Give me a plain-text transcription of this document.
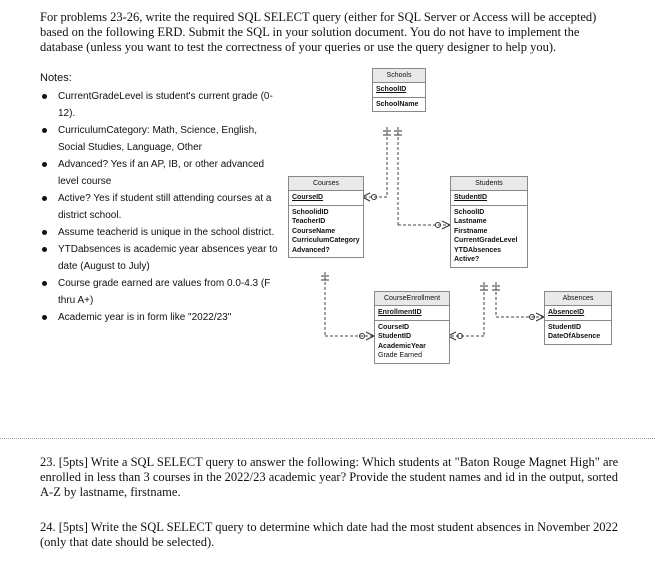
For problems 23-26, write the required SQL SELECT query (either for SQL Server or Access will be accepted) based on the following ERD. Submit the SQL in your solution document. You do not have to implement the database (unless you want to test the correctness of your queries or use the query designer to help you).
Notes:
CurrentGradeLevel is student's current grade (0-12).
CurriculumCategory: Math, Science, English, Social Studies, Language, Other
Advanced? Yes if an AP, IB, or other advanced level course
Active? Yes if student still attending courses at a district school.
Assume teacherid is unique in the school district.
YTDabsences is academic year absences year to date (August to July)
Course grade earned are values from 0.0-4.3 (F thru A+)
Academic year is in form like "2022/23"
Schools
SchoolID
SchoolName
Courses
CourseID
SchoolidID
TeacherID
CourseName
CurriculumCategory
Advanced?
Students
StudentID
SchoolID
Lastname
Firstname
CurrentGradeLevel
YTDAbsences
Active?
CourseEnrollment
EnrollmentID
CourseID
StudentID
AcademicYear
Grade Earned
Absences
AbsenceID
StudentID
DateOfAbsence
23. [5pts] Write a SQL SELECT query to answer the following: Which students at "Baton Rouge Magnet High" are enrolled in less than 3 courses in the 2022/23 academic year? Provide the student names and id in the output, sorted A-Z by lastname, firstname.
24. [5pts] Write the SQL SELECT query to determine which date had the most student absences in November 2022 (only that date should be selected).
